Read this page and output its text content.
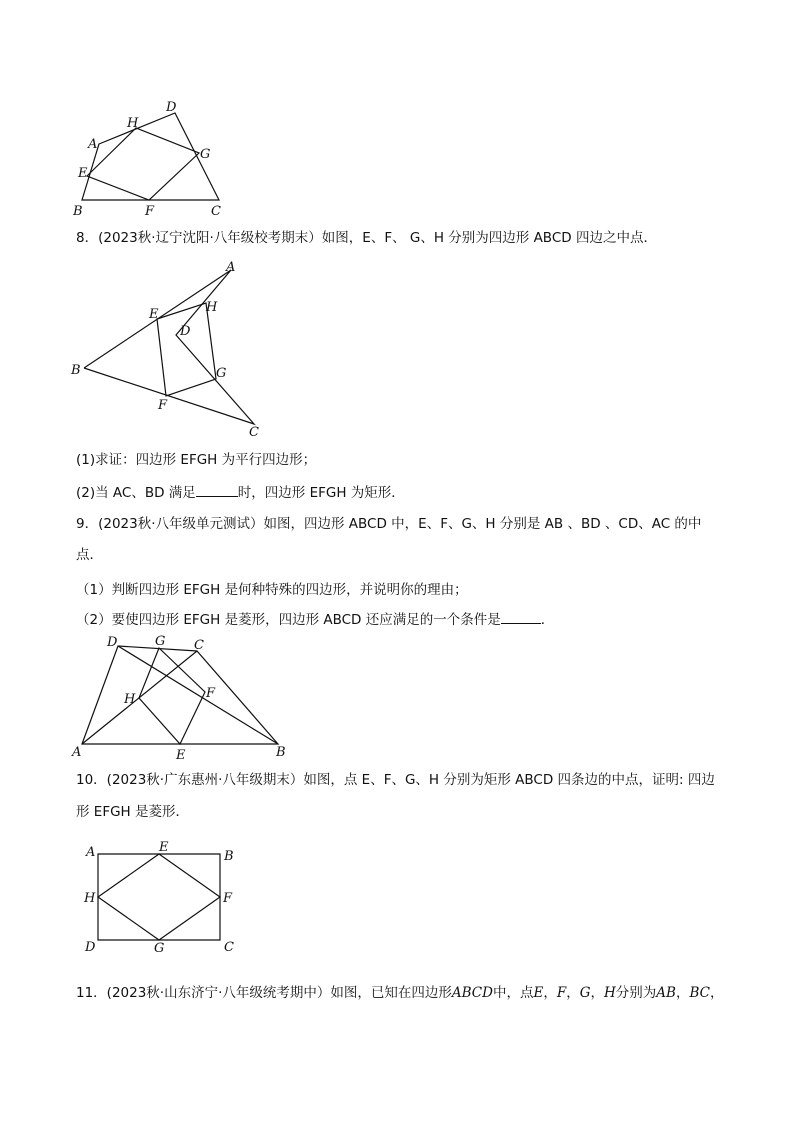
A
B	C
D
E
F
G
H
8．(2023秋·辽宁沈阳·八年级校考期末）如图，E、F、 G、H 分别为四边形 ABCD 四边之中点．
A
B
C
D
E
F
G
H
(1)求证：四边形 EFGH 为平行四边形；
(2)当 AC、BD 满足	时，四边形 EFGH 为矩形．
9．(2023秋·八年级单元测试）如图，四边形 ABCD 中，E、F、G、H 分别是 AB 、BD 、CD、AC 的中
点．
（1）判断四边形 EFGH 是何种特殊的四边形，并说明你的理由；
（2）要使四边形 EFGH 是菱形，四边形 ABCD 还应满足的一个条件是	．
A	B
C
D
E
F
G
H
10．(2023秋·广东惠州·八年级期末）如图，点 E、F、G、H 分别为矩形 ABCD 四条边的中点，证明: 四边
形 EFGH 是菱形．
A	B
C
D
E
F
G
H
11．(2023秋·山东济宁·八年级统考期中）如图，已知在四边形ABCD中，点E，F，G，H分别为AB，BC，
